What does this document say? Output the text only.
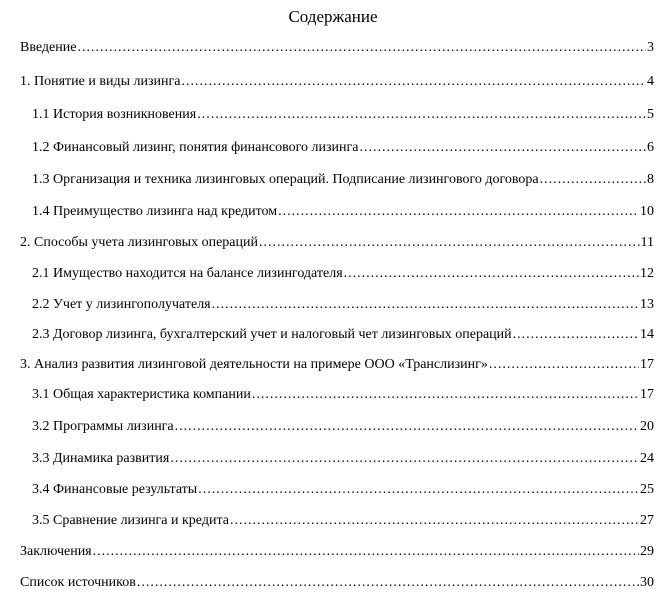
Содержание
Введение .....	3
1. Понятие и виды лизинга .....	4
1.1 История возникновения .....	5
1.2 Финансовый лизинг, понятия финансового лизинга .....	6
1.3 Организация и техника лизинговых операций. Подписание лизингового договора .....	8
1.4 Преимущество лизинга над кредитом .....	10
2. Способы учета лизинговых операций .....	11
2.1 Имущество находится на балансе лизингодателя .....	12
2.2 Учет у лизингополучателя .....	13
2.3 Договор лизинга, бухгалтерский учет и налоговый чет лизинговых операций .....	14
3. Анализ развития лизинговой деятельности на примере ООО «Транслизинг» .....	17
3.1 Общая характеристика компании .....	17
3.2 Программы лизинга .....	20
3.3 Динамика развития .....	24
3.4 Финансовые результаты .....	25
3.5 Сравнение лизинга и кредита .....	27
Заключения .....	29
Список источников .....	30
